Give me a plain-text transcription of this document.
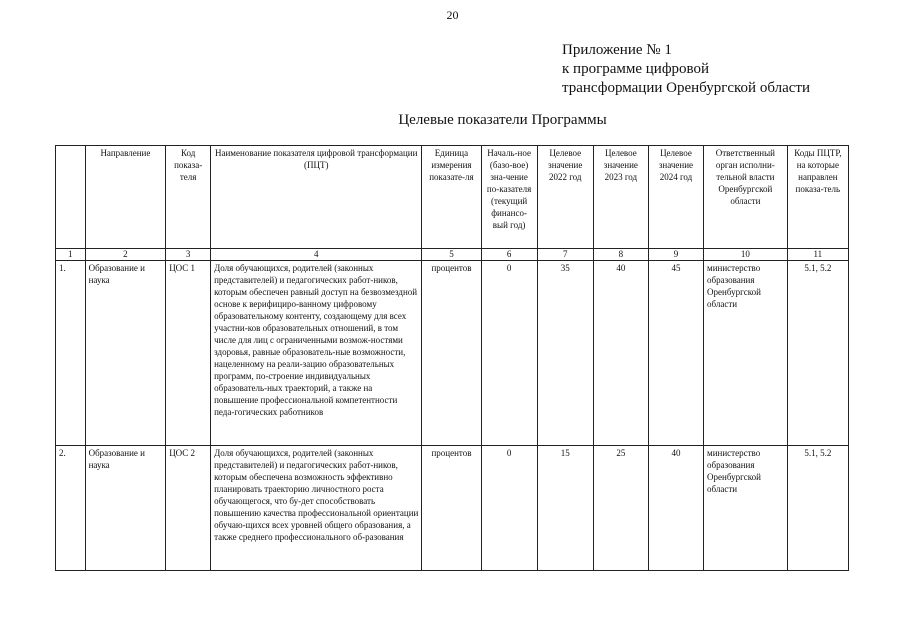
20
Приложение № 1
к программе цифровой
трансформации Оренбургской области
Целевые показатели Программы
	Направление	Код показа-теля	Наименование показателя цифровой трансформации (ПЦТ)	Единица измерения показате-ля	Началь-ное (базо-вое) зна-чение по-казателя (текущий финансо-вый год)	Целевое значение 2022 год	Целевое значение 2023 год	Целевое значение 2024 год	Ответственный орган исполни-тельной власти Оренбургской области	Коды ПЦТР, на которые направлен показа-тель
1	2	3	4	5	6	7	8	9	10	11
1.	Образование и наука	ЦОС 1	Доля обучающихся, родителей (законных представителей) и педагогических работ-ников, которым обеспечен равный доступ на безвозмездной основе к верифициро-ванному цифровому образовательному контенту, создающему для всех участни-ков образовательных отношений, в том числе для лиц с ограниченными возмож-ностями здоровья, равные образователь-ные возможности, нацеленному на реали-зацию образовательных программ, по-строение индивидуальных образователь-ных траекторий, а также на повышение профессиональной компетентности педа-гогических работников	процентов	0	35	40	45	министерство образования Оренбургской области	5.1, 5.2
2.	Образование и наука	ЦОС 2	Доля обучающихся, родителей (законных представителей) и педагогических работ-ников, которым обеспечена возможность эффективно планировать траекторию личностного роста обучающегося, что бу-дет способствовать повышению качества профессиональной ориентации обучаю-щихся всех уровней общего образования, а также среднего профессионального об-разования	процентов	0	15	25	40	министерство образования Оренбургской области	5.1, 5.2
